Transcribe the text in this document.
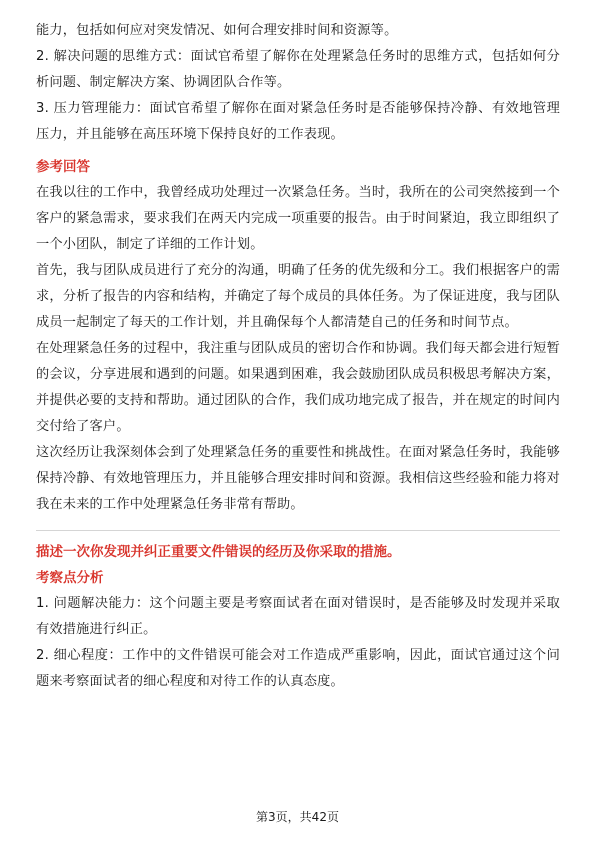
能力，包括如何应对突发情况、如何合理安排时间和资源等。

2. 解决问题的思维方式：面试官希望了解你在处理紧急任务时的思维方式，包括如何分析问题、制定解决方案、协调团队合作等。

3. 压力管理能力：面试官希望了解你在面对紧急任务时是否能够保持冷静、有效地管理压力，并且能够在高压环境下保持良好的工作表现。

参考回答

在我以往的工作中，我曾经成功处理过一次紧急任务。当时，我所在的公司突然接到一个客户的紧急需求，要求我们在两天内完成一项重要的报告。由于时间紧迫，我立即组织了一个小团队，制定了详细的工作计划。

首先，我与团队成员进行了充分的沟通，明确了任务的优先级和分工。我们根据客户的需求，分析了报告的内容和结构，并确定了每个成员的具体任务。为了保证进度，我与团队成员一起制定了每天的工作计划，并且确保每个人都清楚自己的任务和时间节点。

在处理紧急任务的过程中，我注重与团队成员的密切合作和协调。我们每天都会进行短暂的会议，分享进展和遇到的问题。如果遇到困难，我会鼓励团队成员积极思考解决方案，并提供必要的支持和帮助。通过团队的合作，我们成功地完成了报告，并在规定的时间内交付给了客户。

这次经历让我深刻体会到了处理紧急任务的重要性和挑战性。在面对紧急任务时，我能够保持冷静、有效地管理压力，并且能够合理安排时间和资源。我相信这些经验和能力将对我在未来的工作中处理紧急任务非常有帮助。

描述一次你发现并纠正重要文件错误的经历及你采取的措施。

考察点分析

1. 问题解决能力：这个问题主要是考察面试者在面对错误时，是否能够及时发现并采取有效措施进行纠正。

2. 细心程度：工作中的文件错误可能会对工作造成严重影响，因此，面试官通过这个问题来考察面试者的细心程度和对待工作的认真态度。

第3页，共42页
